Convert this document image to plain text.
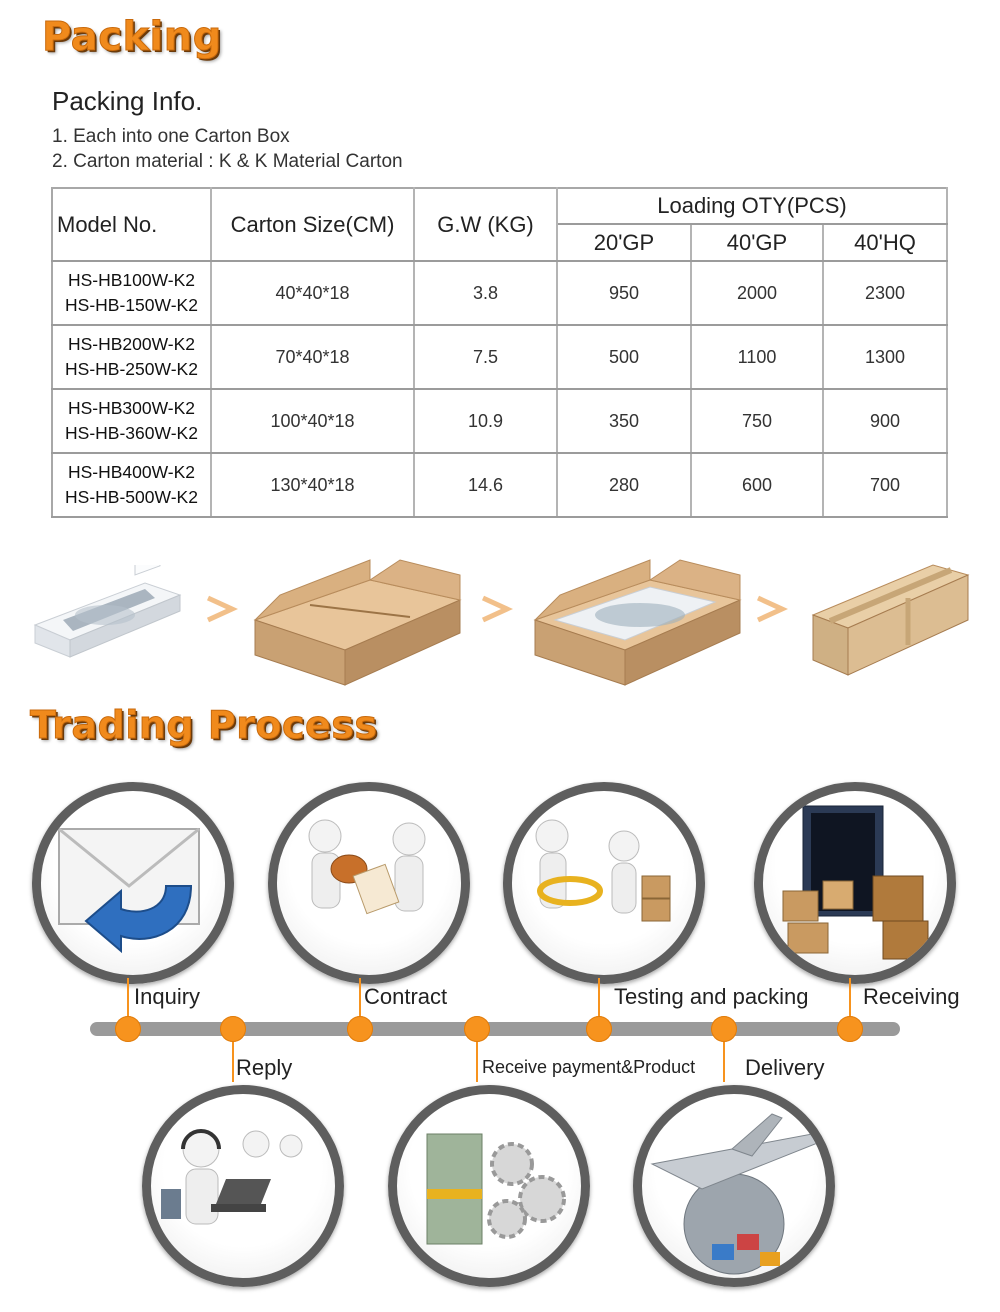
Packing
Packing Info.
1. Each into one Carton Box
2. Carton material : K & K Material Carton
Model No.	Carton Size(CM)	G.W (KG)	Loading OTY(PCS)		
			20'GP	40'GP	40'HQ

HS-HB100W-K2
HS-HB-150W-K2	40*40*18	3.8	950	2000	2300

HS-HB200W-K2
HS-HB-250W-K2	70*40*18	7.5	500	1100	1300

HS-HB300W-K2
HS-HB-360W-K2	100*40*18	10.9	350	750	900

HS-HB400W-K2
HS-HB-500W-K2	130*40*18	14.6	280	600	700
Trading Process
Inquiry
Reply
Contract
Receive payment&Product
Testing and packing
Delivery
Receiving
